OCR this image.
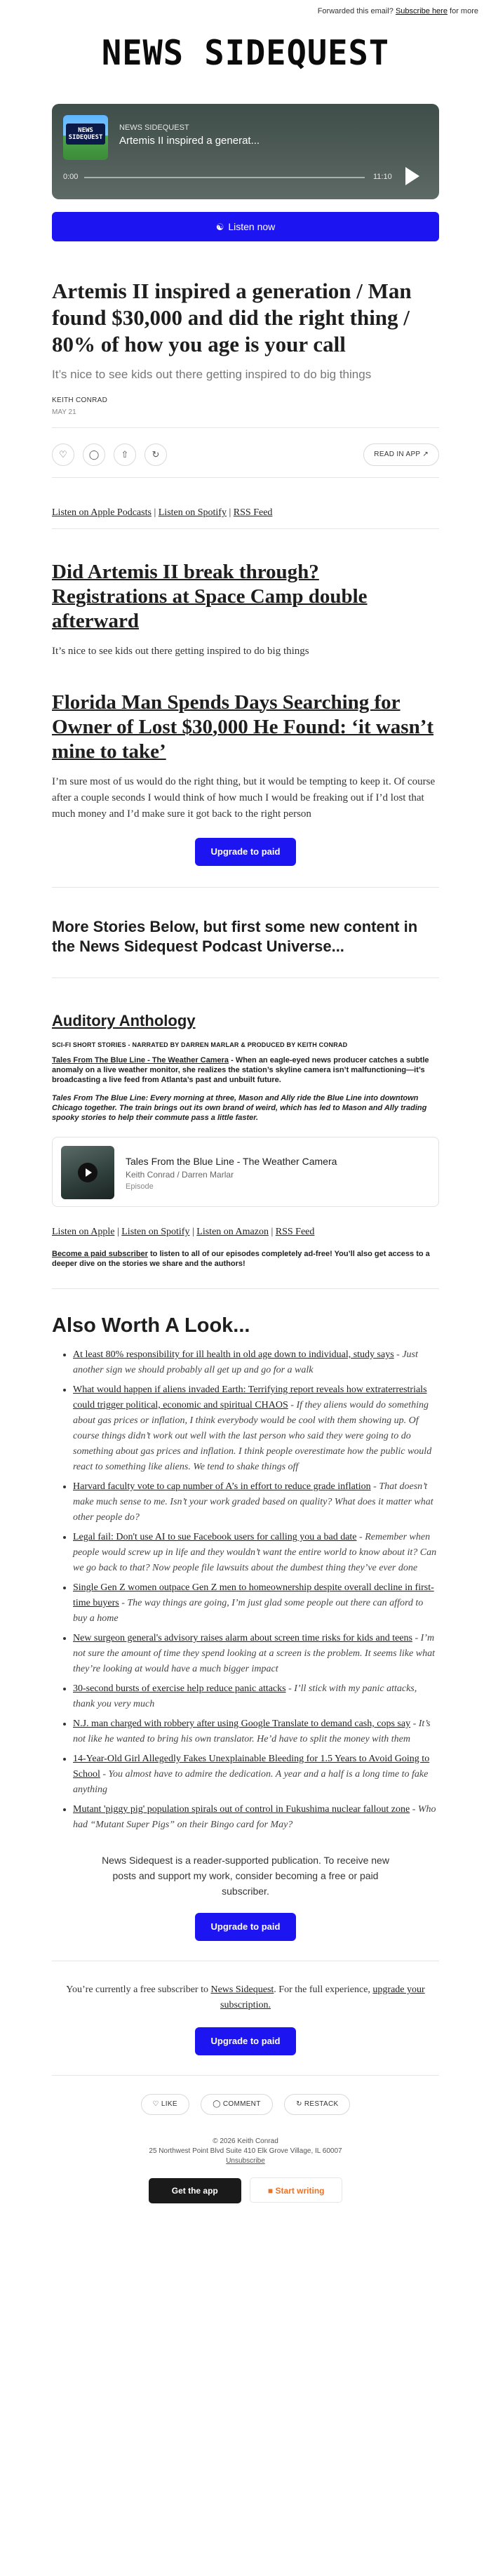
Forwarded this email? Subscribe here for more
NEWS SIDEQUEST
NEWS SIDEQUEST
NEWS SIDEQUEST
Artemis II inspired a generat...
0:00	11:10
☯ Listen now
Artemis II inspired a generation / Man found $30,000 and did the right thing / 80% of how you age is your call
It’s nice to see kids out there getting inspired to do big things
KEITH CONRAD
MAY 21
♡	◯	⇧	↻	READ IN APP ↗
Listen on Apple Podcasts | Listen on Spotify | RSS Feed
Did Artemis II break through? Registrations at Space Camp double afterward

It’s nice to see kids out there getting inspired to do big things

Florida Man Spends Days Searching for Owner of Lost $30,000 He Found: ‘it wasn’t mine to take’

I’m sure most of us would do the right thing, but it would be tempting to keep it. Of course after a couple seconds I would think of how much I would be freaking out if I’d lost that much money and I’d make sure it got back to the right person

Upgrade to paid
More Stories Below, but first some new content in the News Sidequest Podcast Universe...
Auditory Anthology
SCI-FI SHORT STORIES - NARRATED BY DARREN MARLAR & PRODUCED BY KEITH CONRAD
Tales From The Blue Line - The Weather Camera - When an eagle-eyed news producer catches a subtle anomaly on a live weather monitor, she realizes the station’s skyline camera isn’t malfunctioning—it’s broadcasting a live feed from Atlanta’s past and unbuilt future.
Tales From The Blue Line: Every morning at three, Mason and Ally ride the Blue Line into downtown Chicago together. The train brings out its own brand of weird, which has led to Mason and Ally trading spooky stories to help their commute pass a little faster.
Tales From the Blue Line - The Weather Camera
Keith Conrad / Darren Marlar
Episode
Listen on Apple | Listen on Spotify | Listen on Amazon | RSS Feed
Become a paid subscriber to listen to all of our episodes completely ad-free! You’ll also get access to a deeper dive on the stories we share and the authors!
Also Worth A Look...
• At least 80% responsibility for ill health in old age down to individual, study says - Just another sign we should probably all get up and go for a walk
• What would happen if aliens invaded Earth: Terrifying report reveals how extraterrestrials could trigger political, economic and spiritual CHAOS - If they aliens would do something about gas prices or inflation, I think everybody would be cool with them showing up. Of course things didn’t work out well with the last person who said they were going to do something about gas prices and inflation. I think people overestimate how the public would react to something like aliens. We tend to shake things off
• Harvard faculty vote to cap number of A’s in effort to reduce grade inflation - That doesn’t make much sense to me. Isn’t your work graded based on quality? What does it matter what other people do?
• Legal fail: Don't use AI to sue Facebook users for calling you a bad date - Remember when people would screw up in life and they wouldn’t want the entire world to know about it? Can we go back to that? Now people file lawsuits about the dumbest thing they’ve ever done
• Single Gen Z women outpace Gen Z men to homeownership despite overall decline in first-time buyers - The way things are going, I’m just glad some people out there can afford to buy a home
• New surgeon general's advisory raises alarm about screen time risks for kids and teens - I’m not sure the amount of time they spend looking at a screen is the problem. It seems like what they’re looking at would have a much bigger impact
• 30-second bursts of exercise help reduce panic attacks - I’ll stick with my panic attacks, thank you very much
• N.J. man charged with robbery after using Google Translate to demand cash, cops say - It’s not like he wanted to bring his own translator. He’d have to split the money with them
• 14-Year-Old Girl Allegedly Fakes Unexplainable Bleeding for 1.5 Years to Avoid Going to School - You almost have to admire the dedication. A year and a half is a long time to fake anything
• Mutant 'piggy pig' population spirals out of control in Fukushima nuclear fallout zone - Who had “Mutant Super Pigs” on their Bingo card for May?
News Sidequest is a reader-supported publication. To receive new posts and support my work, consider becoming a free or paid subscriber.
Upgrade to paid
You’re currently a free subscriber to News Sidequest. For the full experience, upgrade your subscription.
Upgrade to paid
♡ LIKE	◯ COMMENT	↻ RESTACK
© 2026 Keith Conrad
25 Northwest Point Blvd Suite 410 Elk Grove Village, IL 60007
Unsubscribe
Get the app	■ Start writing
